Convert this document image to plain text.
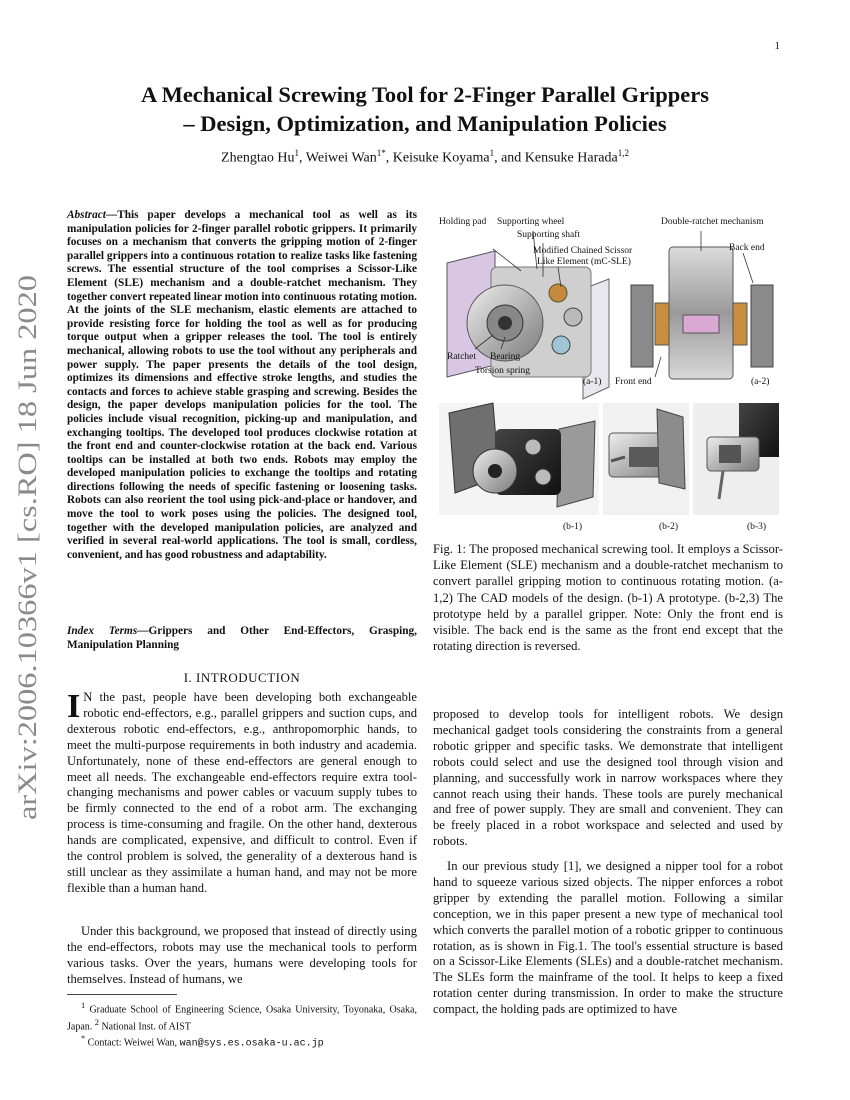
1
arXiv:2006.10366v1 [cs.RO] 18 Jun 2020
A Mechanical Screwing Tool for 2-Finger Parallel Grippers
– Design, Optimization, and Manipulation Policies
Zhengtao Hu$^1$, Weiwei Wan$^{1*}$, Keisuke Koyama$^1$, and Kensuke Harada$^{1,2}$
Abstract—This paper develops a mechanical tool as well as its manipulation policies for 2-finger parallel robotic grippers. It primarily focuses on a mechanism that converts the gripping motion of 2-finger parallel grippers into a continuous rotation to realize tasks like fastening screws. The essential structure of the tool comprises a Scissor-Like Element (SLE) mechanism and a double-ratchet mechanism. They together convert repeated linear motion into continuous rotating motion. At the joints of the SLE mechanism, elastic elements are attached to provide resisting force for holding the tool as well as for producing torque output when a gripper releases the tool. The tool is entirely mechanical, allowing robots to use the tool without any peripherals and power supply. The paper presents the details of the tool design, optimizes its dimensions and effective stroke lengths, and studies the contacts and forces to achieve stable grasping and screwing. Besides the design, the paper develops manipulation policies for the tool. The policies include visual recognition, picking-up and manipulation, and exchanging tooltips. The developed tool produces clockwise rotation at the front end and counter-clockwise rotation at the back end. Various tooltips can be installed at both two ends. Robots may employ the developed manipulation policies to exchange the tooltips and rotating directions following the needs of specific fastening or loosening tasks. Robots can also reorient the tool using pick-and-place or handover, and move the tool to work poses using the policies. The designed tool, together with the developed manipulation policies, are analyzed and verified in several real-world applications. The tool is small, cordless, convenient, and has good robustness and adaptability.
Index Terms—Grippers and Other End-Effectors, Grasping, Manipulation Planning
I. INTRODUCTION
I N the past, people have been developing both exchangeable robotic end-effectors, e.g., parallel grippers and suction cups, and dexterous robotic end-effectors, e.g., anthropomorphic hands, to meet the multi-purpose requirements in both industry and academia. Unfortunately, none of these end-effectors are general enough to meet all needs. The exchangeable end-effectors require extra tool-changing mechanisms and power cables or vacuum supply tubes to be firmly connected to the end of a robot arm. The exchanging process is time-consuming and fragile. On the other hand, dexterous hands are complicated, expensive, and difficult to control. Even if the control problem is solved, the generality of a dexterous hand is still unclear as they assimilate a human hand, and may not be more flexible than a human hand.
Under this background, we proposed that instead of directly using the end-effectors, robots may use the mechanical tools to perform various tasks. Over the years, humans were developing tools for themselves. Instead of humans, we
$^1$ Graduate School of Engineering Science, Osaka University, Toyonaka, Osaka, Japan. $^2$ National Inst. of AIST
* Contact: Weiwei Wan, wan@sys.es.osaka-u.ac.jp
Holding pad Supporting wheel
Supporting shaft
Modified Chained Scissor
Like Element (mC-SLE)
Ratchet Bearing
Torsion spring
(a-1)
Double-ratchet mechanism
Back end
Front end	(a-2)
(b-1)	(b-2)	(b-3)
Fig. 1: The proposed mechanical screwing tool. It employs a Scissor-Like Element (SLE) mechanism and a double-ratchet mechanism to convert parallel gripping motion to continuous rotating motion. (a-1,2) The CAD models of the design. (b-1) A prototype. (b-2,3) The prototype held by a parallel gripper. Note: Only the front end is visible. The back end is the same as the front end except that the rotating direction is reversed.
proposed to develop tools for intelligent robots. We design mechanical gadget tools considering the constraints from a general robotic gripper and specific tasks. We demonstrate that intelligent robots could select and use the designed tool through vision and planning, and successfully work in narrow workspaces where they cannot reach using their hands. These tools are purely mechanical and free of power supply. They are small and convenient. They can be freely placed in a robot workspace and selected and used by robots.
In our previous study [1], we designed a nipper tool for a robot hand to squeeze various sized objects. The nipper enforces a robot gripper by extending the parallel motion. Following a similar conception, we in this paper present a new type of mechanical tool which converts the parallel motion of a robotic gripper to continuous rotation, as is shown in Fig.1. The tool's essential structure is based on a Scissor-Like Elements (SLEs) and a double-ratchet mechanism. The SLEs form the mainframe of the tool. It helps to keep a fixed rotation center during transmission. In order to make the structure compact, the holding pads are optimized to have
